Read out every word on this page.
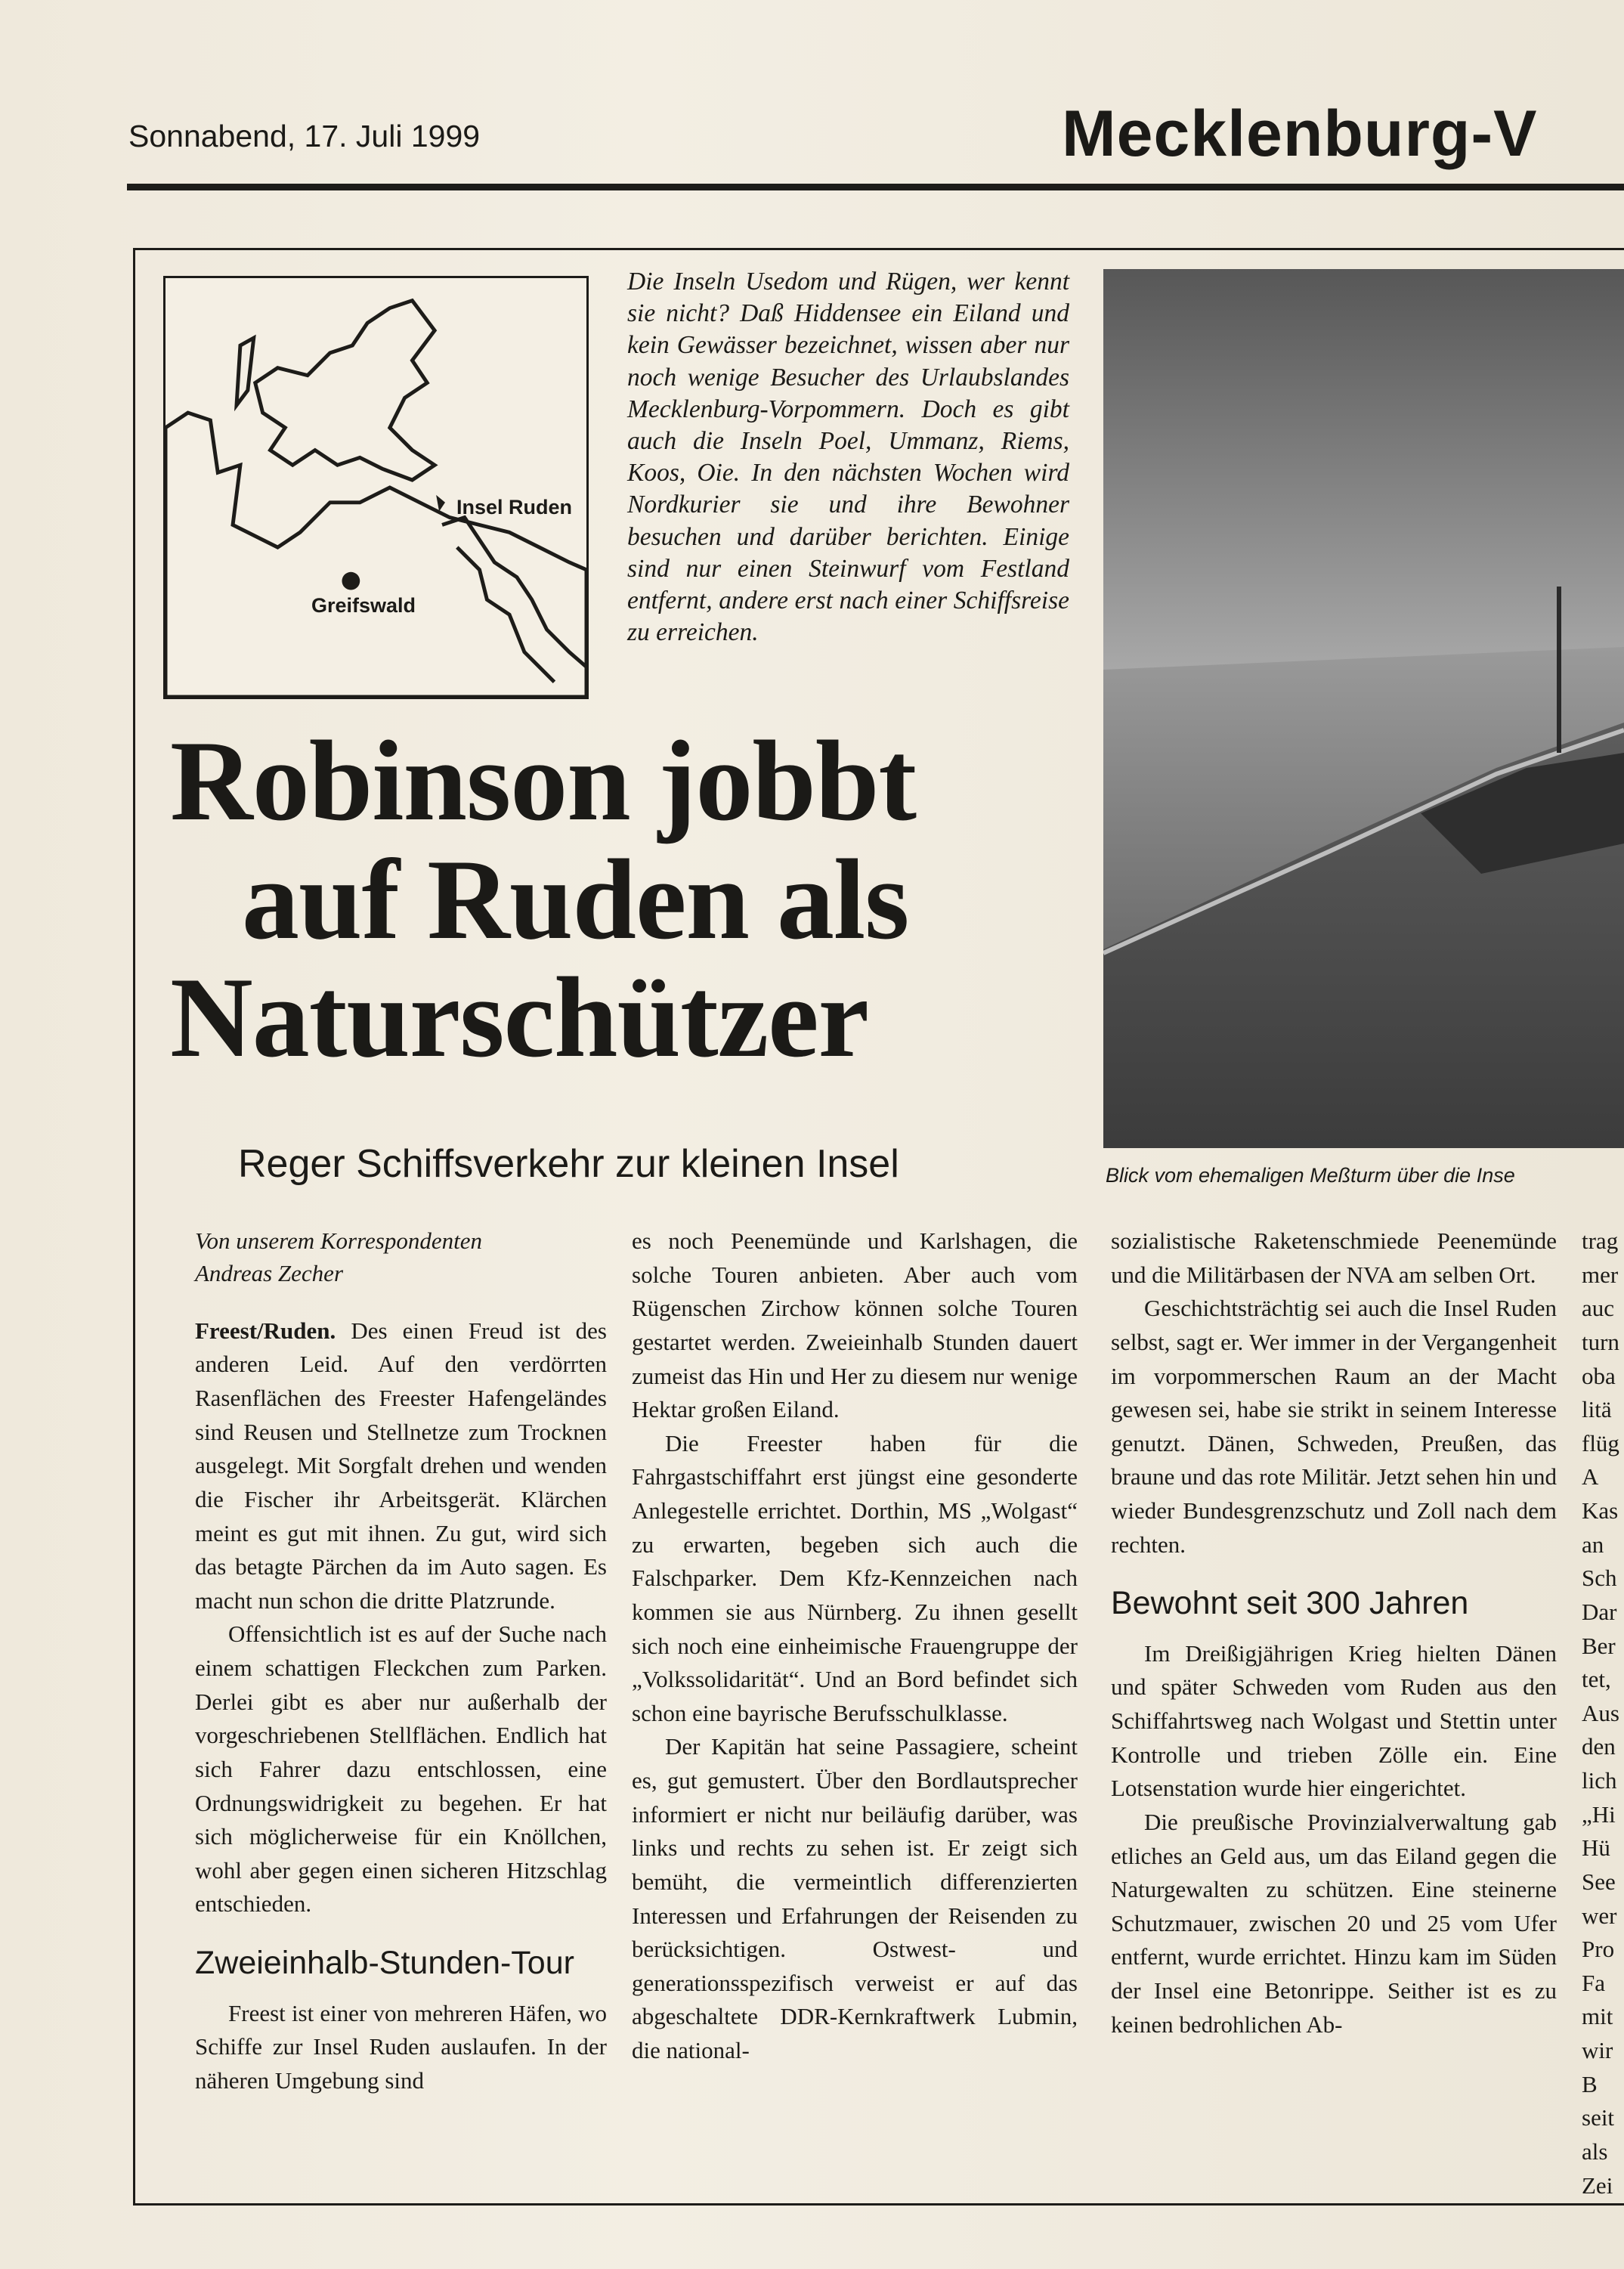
Sonnabend, 17. Juli 1999	Mecklenburg-V
Insel Ruden
Greifswald
Die Inseln Usedom und Rügen, wer kennt sie nicht? Daß Hiddensee ein Eiland und kein Gewässer bezeichnet, wissen aber nur noch wenige Besucher des Urlaubslandes Mecklenburg-Vorpommern. Doch es gibt auch die Inseln Poel, Ummanz, Riems, Koos, Oie. In den nächsten Wochen wird Nordkurier sie und ihre Bewohner besuchen und darüber berichten. Einige sind nur einen Steinwurf vom Festland entfernt, andere erst nach einer Schiffsreise zu erreichen.
Robinson jobbt
auf Ruden als
Naturschützer
Reger Schiffsverkehr zur kleinen Insel	Blick vom ehemaligen Meßturm über die Inse
Von unserem Korrespondenten
Andreas Zecher

Freest/Ruden. Des einen Freud ist des anderen Leid. Auf den verdörrten Rasenflächen des Freester Hafengeländes sind Reusen und Stellnetze zum Trocknen ausgelegt. Mit Sorgfalt drehen und wenden die Fischer ihr Arbeitsgerät. Klärchen meint es gut mit ihnen. Zu gut, wird sich das betagte Pärchen da im Auto sagen. Es macht nun schon die dritte Platzrunde.

Offensichtlich ist es auf der Suche nach einem schattigen Fleckchen zum Parken. Derlei gibt es aber nur außerhalb der vorgeschriebenen Stellflächen. Endlich hat sich Fahrer dazu entschlossen, eine Ordnungswidrigkeit zu begehen. Er hat sich möglicherweise für ein Knöllchen, wohl aber gegen einen sicheren Hitzschlag entschieden.

Zweieinhalb-Stunden-Tour

Freest ist einer von mehreren Häfen, wo Schiffe zur Insel Ruden auslaufen. In der näheren Umgebung sind

es noch Peenemünde und Karlshagen, die solche Touren anbieten. Aber auch vom Rügenschen Zirchow können solche Touren gestartet werden. Zweieinhalb Stunden dauert zumeist das Hin und Her zu diesem nur wenige Hektar großen Eiland.

Die Freester haben für die Fahrgastschiffahrt erst jüngst eine gesonderte Anlegestelle errichtet. Dorthin, MS „Wolgast“ zu erwarten, begeben sich auch die Falschparker. Dem Kfz-Kennzeichen nach kommen sie aus Nürnberg. Zu ihnen gesellt sich noch eine einheimische Frauengruppe der „Volkssolidarität“. Und an Bord befindet sich schon eine bayrische Berufsschulklasse.

Der Kapitän hat seine Passagiere, scheint es, gut gemustert. Über den Bordlautsprecher informiert er nicht nur beiläufig darüber, was links und rechts zu sehen ist. Er zeigt sich bemüht, die vermeintlich differenzierten Interessen und Erfahrungen der Reisenden zu berücksichtigen. Ostwest- und generationsspezifisch verweist er auf das abgeschaltete DDR-Kernkraftwerk Lubmin, die national-

sozialistische Raketenschmiede Peenemünde und die Militärbasen der NVA am selben Ort.

Geschichtsträchtig sei auch die Insel Ruden selbst, sagt er. Wer immer in der Vergangenheit im vorpommerschen Raum an der Macht gewesen sei, habe sie strikt in seinem Interesse genutzt. Dänen, Schweden, Preußen, das braune und das rote Militär. Jetzt sehen hin und wieder Bundesgrenzschutz und Zoll nach dem rechten.

Bewohnt seit 300 Jahren

Im Dreißigjährigen Krieg hielten Dänen und später Schweden vom Ruden aus den Schiffahrtsweg nach Wolgast und Stettin unter Kontrolle und trieben Zölle ein. Eine Lotsenstation wurde hier eingerichtet.

Die preußische Provinzialverwaltung gab etliches an Geld aus, um das Eiland gegen die Naturgewalten zu schützen. Eine steinerne Schutzmauer, zwischen 20 und 25 vom Ufer entfernt, wurde errichtet. Hinzu kam im Süden der Insel eine Betonrippe. Seither ist es zu keinen bedrohlichen Ab-

trag
mer
auc
turn
oba
litä
flüg
A
Kas
an
Sch
Dar
Ber
tet,
Aus
den
lich
„Hi
Hü
See
wer
Pro
Fa
mit
wir
B
seit
als
Zei
